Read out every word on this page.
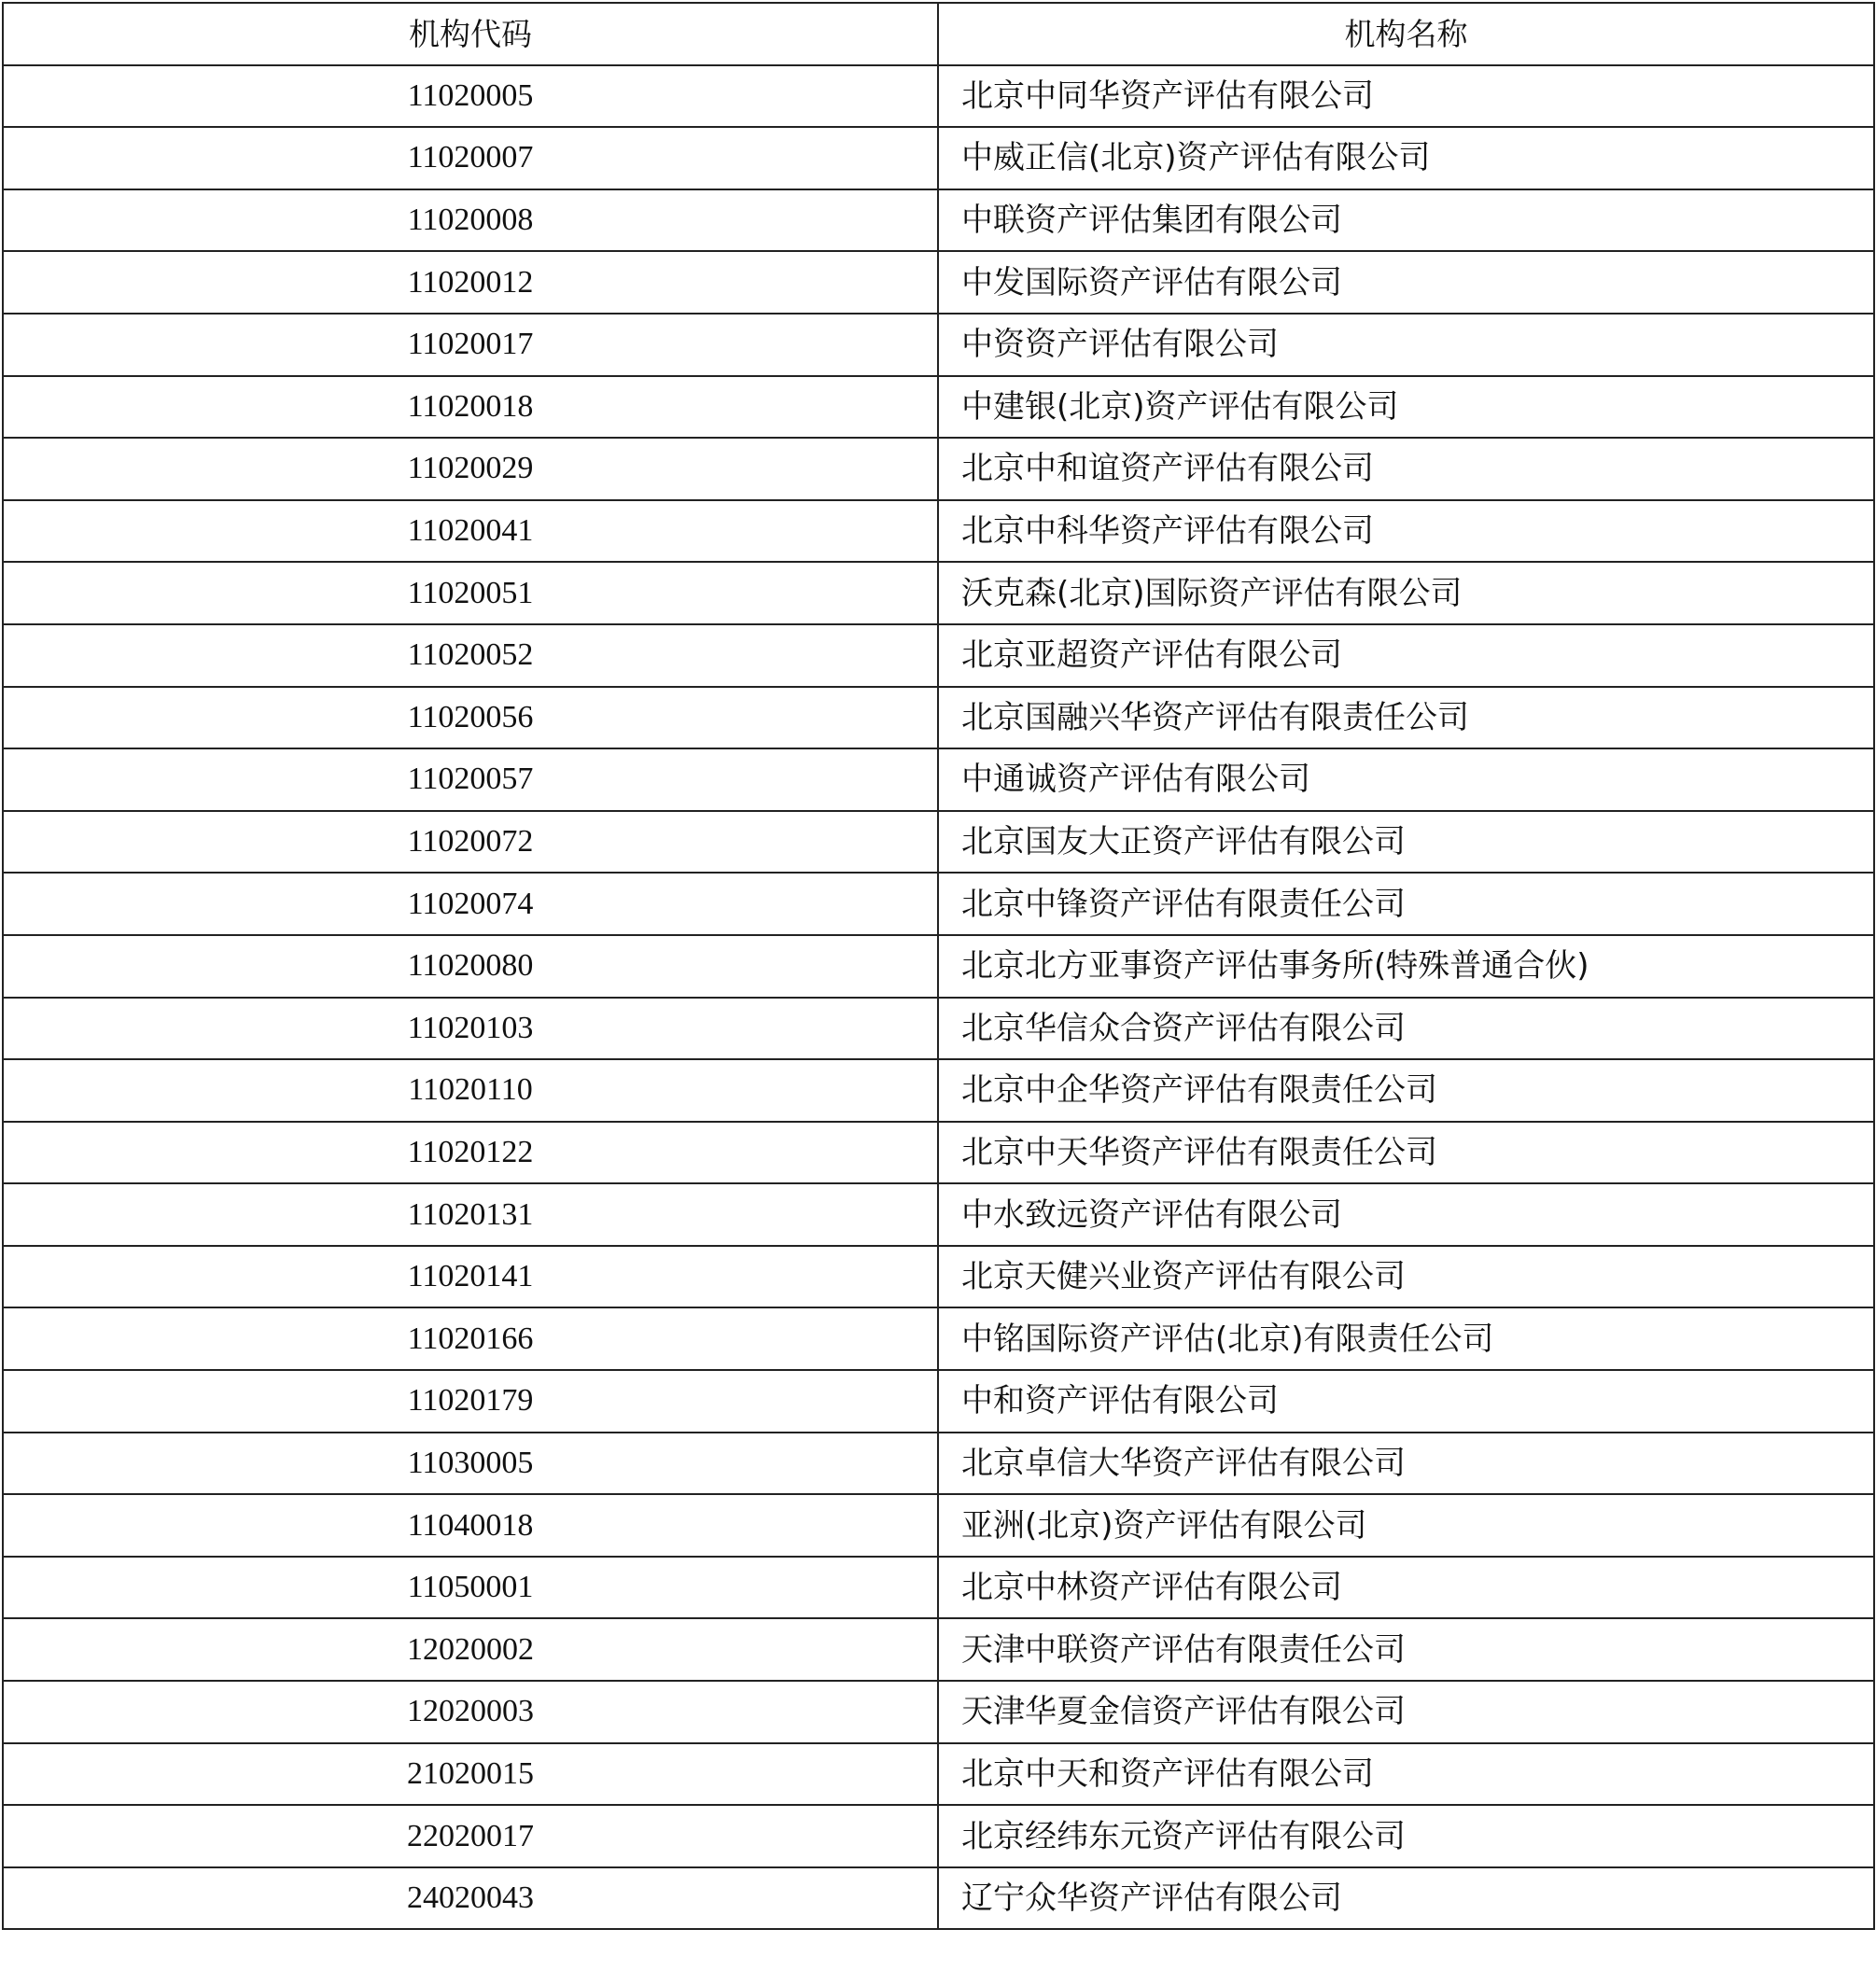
机构代码	机构名称
11020005	北京中同华资产评估有限公司
11020007	中威正信(北京)资产评估有限公司
11020008	中联资产评估集团有限公司
11020012	中发国际资产评估有限公司
11020017	中资资产评估有限公司
11020018	中建银(北京)资产评估有限公司
11020029	北京中和谊资产评估有限公司
11020041	北京中科华资产评估有限公司
11020051	沃克森(北京)国际资产评估有限公司
11020052	北京亚超资产评估有限公司
11020056	北京国融兴华资产评估有限责任公司
11020057	中通诚资产评估有限公司
11020072	北京国友大正资产评估有限公司
11020074	北京中锋资产评估有限责任公司
11020080	北京北方亚事资产评估事务所(特殊普通合伙)
11020103	北京华信众合资产评估有限公司
11020110	北京中企华资产评估有限责任公司
11020122	北京中天华资产评估有限责任公司
11020131	中水致远资产评估有限公司
11020141	北京天健兴业资产评估有限公司
11020166	中铭国际资产评估(北京)有限责任公司
11020179	中和资产评估有限公司
11030005	北京卓信大华资产评估有限公司
11040018	亚洲(北京)资产评估有限公司
11050001	北京中林资产评估有限公司
12020002	天津中联资产评估有限责任公司
12020003	天津华夏金信资产评估有限公司
21020015	北京中天和资产评估有限公司
22020017	北京经纬东元资产评估有限公司
24020043	辽宁众华资产评估有限公司
